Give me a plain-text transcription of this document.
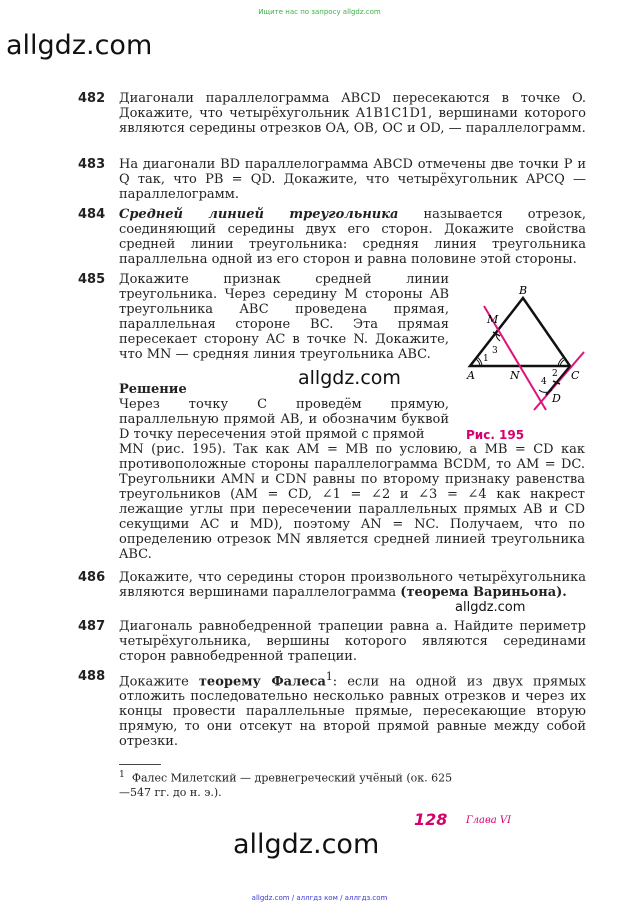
Ищите нас по запросу allgdz.com
allgdz.com
482 Диагонали параллелограмма ABCD пересекаются в точке O. Докажите, что четырёхугольник A1B1C1D1, вершинами которого являются середины отрезков OA, OB, OC и OD, — параллелограмм.
483 На диагонали BD параллелограмма ABCD отмечены две точки P и Q так, что PB = QD. Докажите, что четырёхугольник APCQ — параллелограмм.
484 Средней линией треугольника называется отрезок, соединяющий середины двух его сторон. Докажите свойства средней линии треугольника: средняя линия треугольника параллельна одной из его сторон и равна половине этой стороны.
485 Докажите признак средней линии треугольника. Через середину M стороны AB треугольника ABC проведена прямая, параллельная стороне BC. Эта прямая пересекает сторону AC в точке N. Докажите, что MN — средняя линия треугольника ABC.
allgdz.com
Решение
Через точку C проведём прямую, параллельную прямой AB, и обозначим буквой D точку пересечения этой прямой с прямой
MN (рис. 195). Так как AM = MB по условию, а MB = CD как противоположные стороны параллелограмма BCDM, то AM = DC. Треугольники AMN и CDN равны по второму признаку равенства треугольников (AM = CD, ∠1 = ∠2 и ∠3 = ∠4 как накрест лежащие углы при пересечении параллельных прямых AB и CD секущими AC и MD), поэтому AN = NC. Получаем, что по определению отрезок MN является средней линией треугольника ABC.
B
M
A	N	C
D
1
3
2
4
Рис. 195
486 Докажите, что середины сторон произвольного четырёхугольника являются вершинами параллелограмма (теорема Вариньона).
allgdz.com
487 Диагональ равнобедренной трапеции равна a. Найдите периметр четырёхугольника, вершины которого являются серединами сторон равнобедренной трапеции.
488 Докажите теорему Фалеса$^1$: если на одной из двух прямых отложить последовательно несколько равных отрезков и через их концы провести параллельные прямые, пересекающие вторую прямую, то они отсекут на второй прямой равные между собой отрезки.
$^1$ Фалес Милетский — древнегреческий учёный (ок. 625—547 гг. до н. э.).
128 Глава VI
allgdz.com
allgdz.com / аллгдз ком / аллгдз.com
